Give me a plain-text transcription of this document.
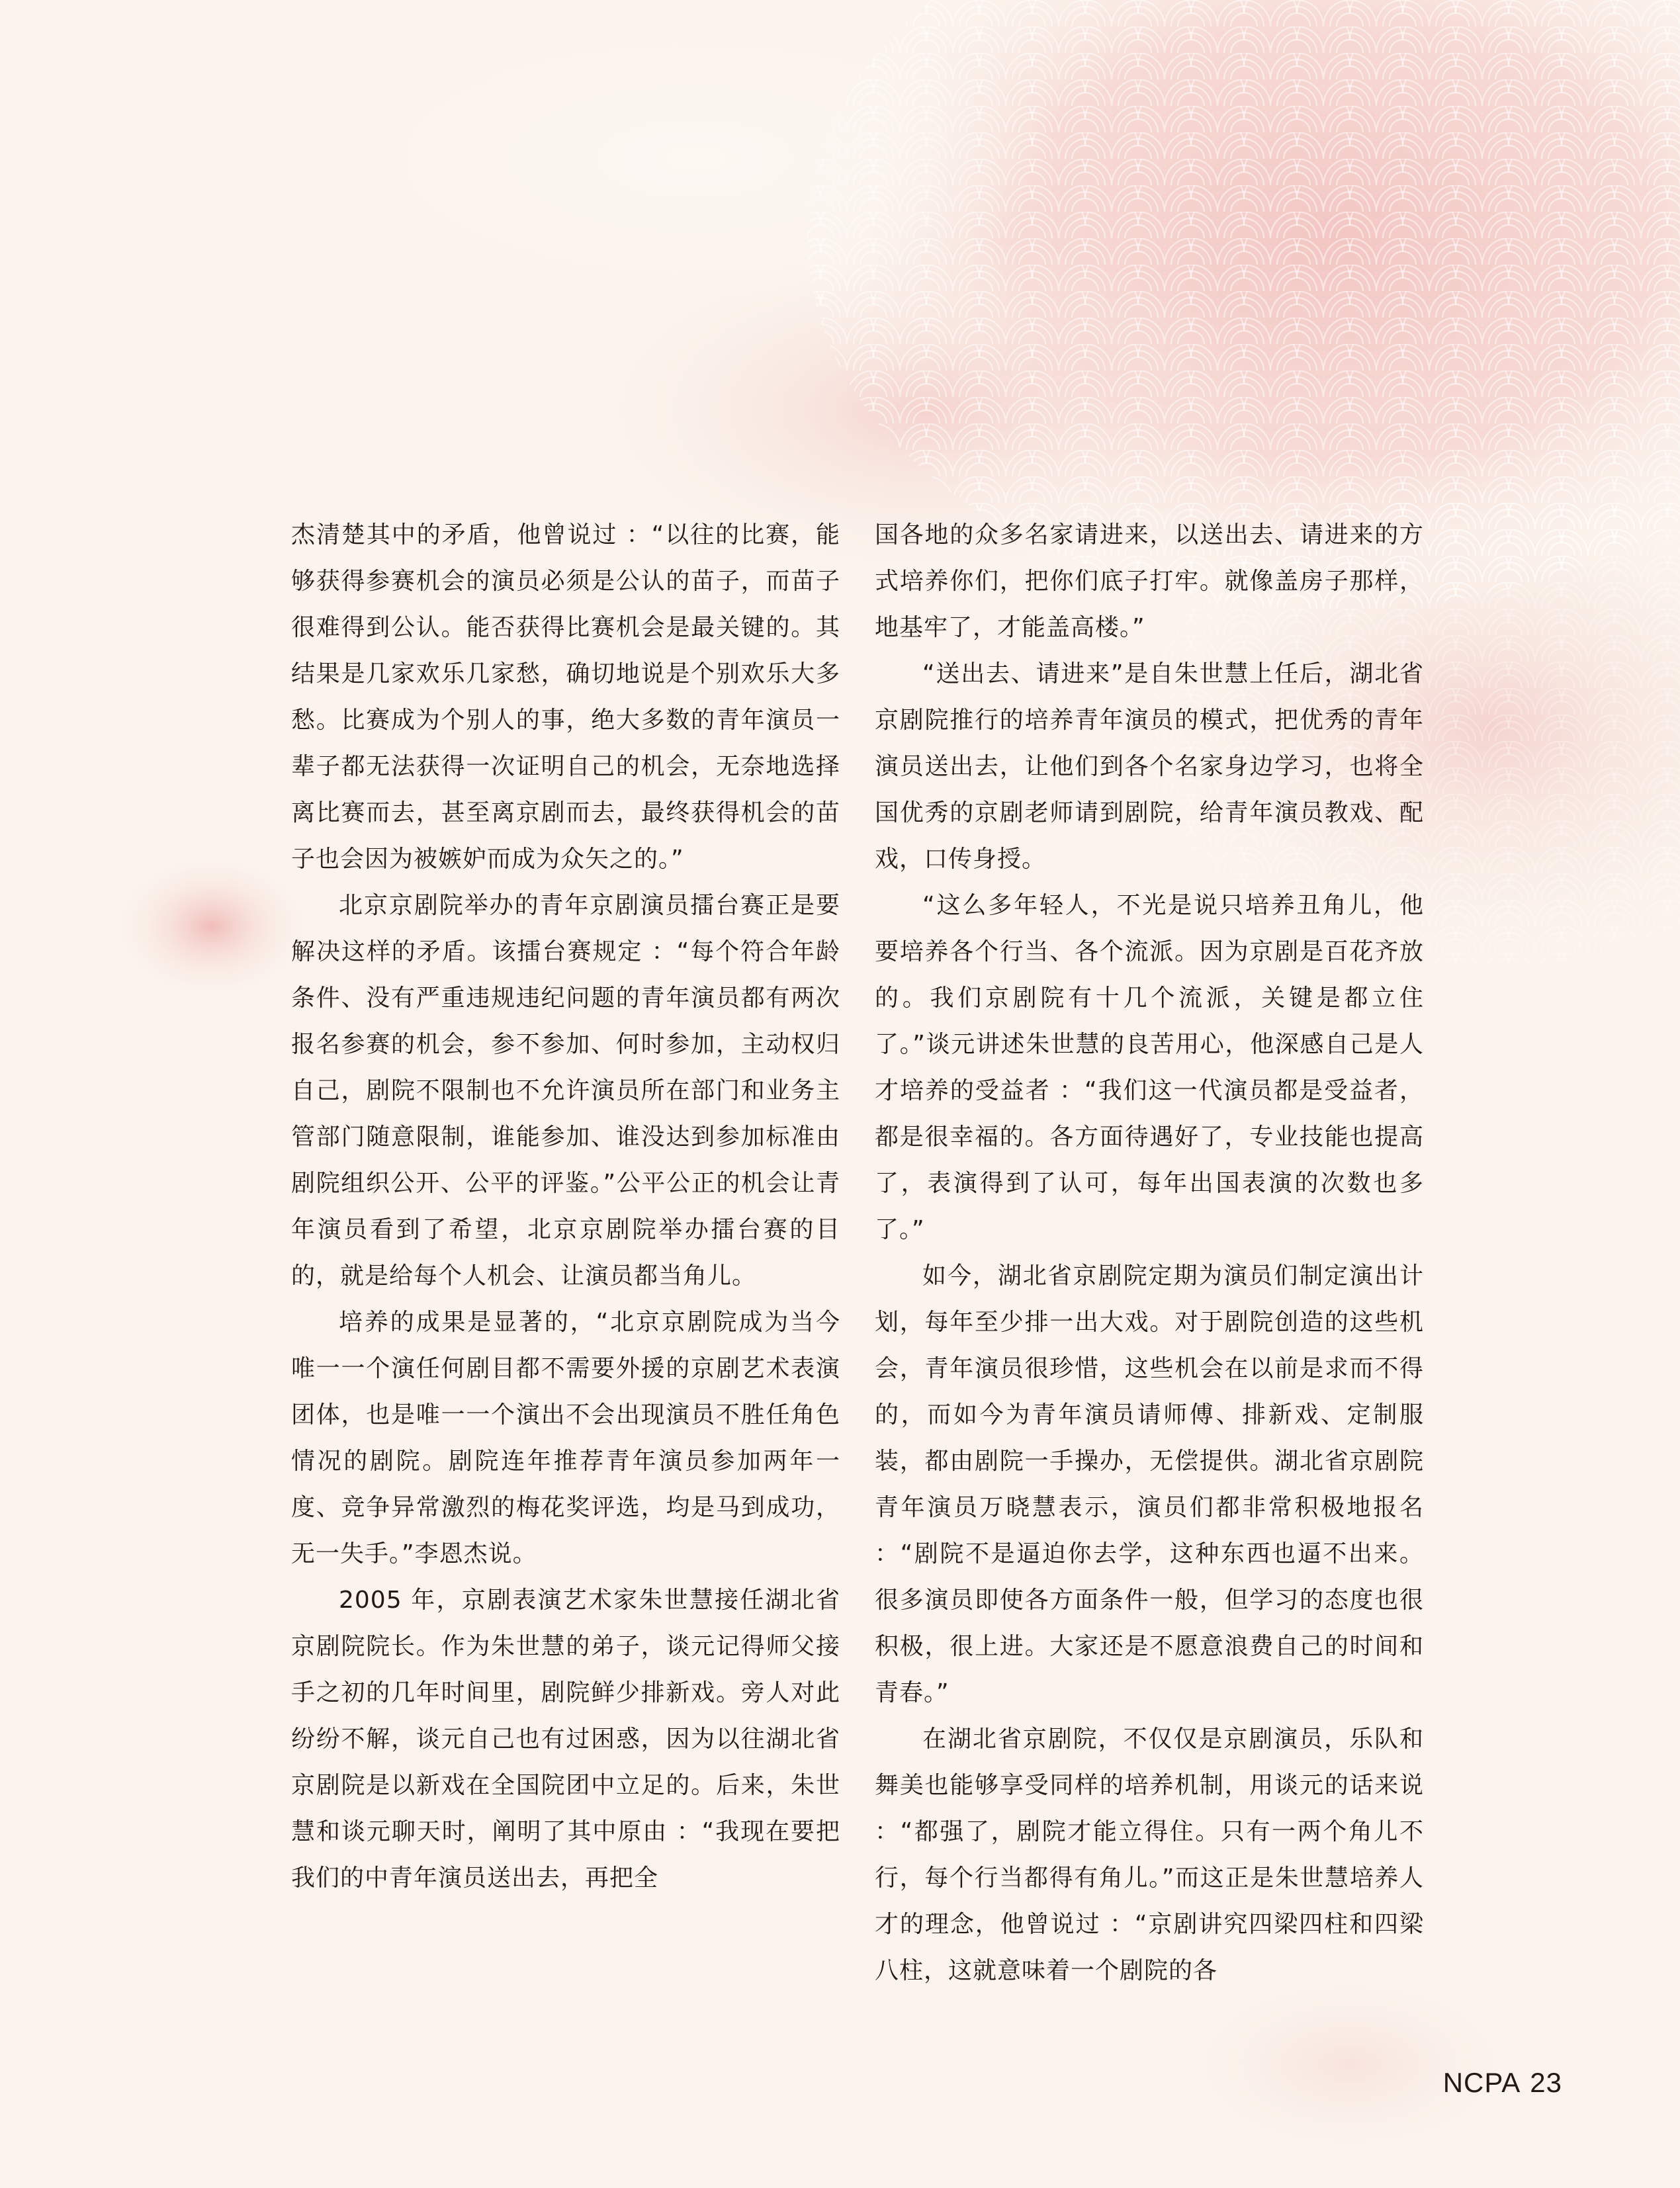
杰清楚其中的矛盾，他曾说过 ：“以往的比赛，能够获得参赛机会的演员必须是公认的苗子，而苗子很难得到公认。能否获得比赛机会是最关键的。其结果是几家欢乐几家愁，确切地说是个别欢乐大多愁。比赛成为个别人的事，绝大多数的青年演员一辈子都无法获得一次证明自己的机会，无奈地选择离比赛而去，甚至离京剧而去，最终获得机会的苗子也会因为被嫉妒而成为众矢之的。”

北京京剧院举办的青年京剧演员擂台赛正是要解决这样的矛盾。该擂台赛规定 ：“每个符合年龄条件、没有严重违规违纪问题的青年演员都有两次报名参赛的机会，参不参加、何时参加，主动权归自己，剧院不限制也不允许演员所在部门和业务主管部门随意限制，谁能参加、谁没达到参加标准由剧院组织公开、公平的评鉴。”公平公正的机会让青年演员看到了希望，北京京剧院举办擂台赛的目的，就是给每个人机会、让演员都当角儿。

培养的成果是显著的，“北京京剧院成为当今唯一一个演任何剧目都不需要外援的京剧艺术表演团体，也是唯一一个演出不会出现演员不胜任角色情况的剧院。剧院连年推荐青年演员参加两年一度、竞争异常激烈的梅花奖评选，均是马到成功，无一失手。”李恩杰说。

2005 年，京剧表演艺术家朱世慧接任湖北省京剧院院长。作为朱世慧的弟子，谈元记得师父接手之初的几年时间里，剧院鲜少排新戏。旁人对此纷纷不解，谈元自己也有过困惑，因为以往湖北省京剧院是以新戏在全国院团中立足的。后来，朱世慧和谈元聊天时，阐明了其中原由 ：“我现在要把我们的中青年演员送出去，再把全

国各地的众多名家请进来，以送出去、请进来的方式培养你们，把你们底子打牢。就像盖房子那样，地基牢了，才能盖高楼。”

“送出去、请进来”是自朱世慧上任后，湖北省京剧院推行的培养青年演员的模式，把优秀的青年演员送出去，让他们到各个名家身边学习，也将全国优秀的京剧老师请到剧院，给青年演员教戏、配戏，口传身授。

“这么多年轻人，不光是说只培养丑角儿，他要培养各个行当、各个流派。因为京剧是百花齐放的。我们京剧院有十几个流派，关键是都立住了。”谈元讲述朱世慧的良苦用心，他深感自己是人才培养的受益者 ：“我们这一代演员都是受益者，都是很幸福的。各方面待遇好了，专业技能也提高了，表演得到了认可，每年出国表演的次数也多了。”

如今，湖北省京剧院定期为演员们制定演出计划，每年至少排一出大戏。对于剧院创造的这些机会，青年演员很珍惜，这些机会在以前是求而不得的，而如今为青年演员请师傅、排新戏、定制服装，都由剧院一手操办，无偿提供。湖北省京剧院青年演员万晓慧表示，演员们都非常积极地报名 ：“剧院不是逼迫你去学，这种东西也逼不出来。很多演员即使各方面条件一般，但学习的态度也很积极，很上进。大家还是不愿意浪费自己的时间和青春。”

在湖北省京剧院，不仅仅是京剧演员，乐队和舞美也能够享受同样的培养机制，用谈元的话来说 ：“都强了，剧院才能立得住。只有一两个角儿不行，每个行当都得有角儿。”而这正是朱世慧培养人才的理念，他曾说过 ：“京剧讲究四梁四柱和四梁八柱，这就意味着一个剧院的各

NCPA 23
